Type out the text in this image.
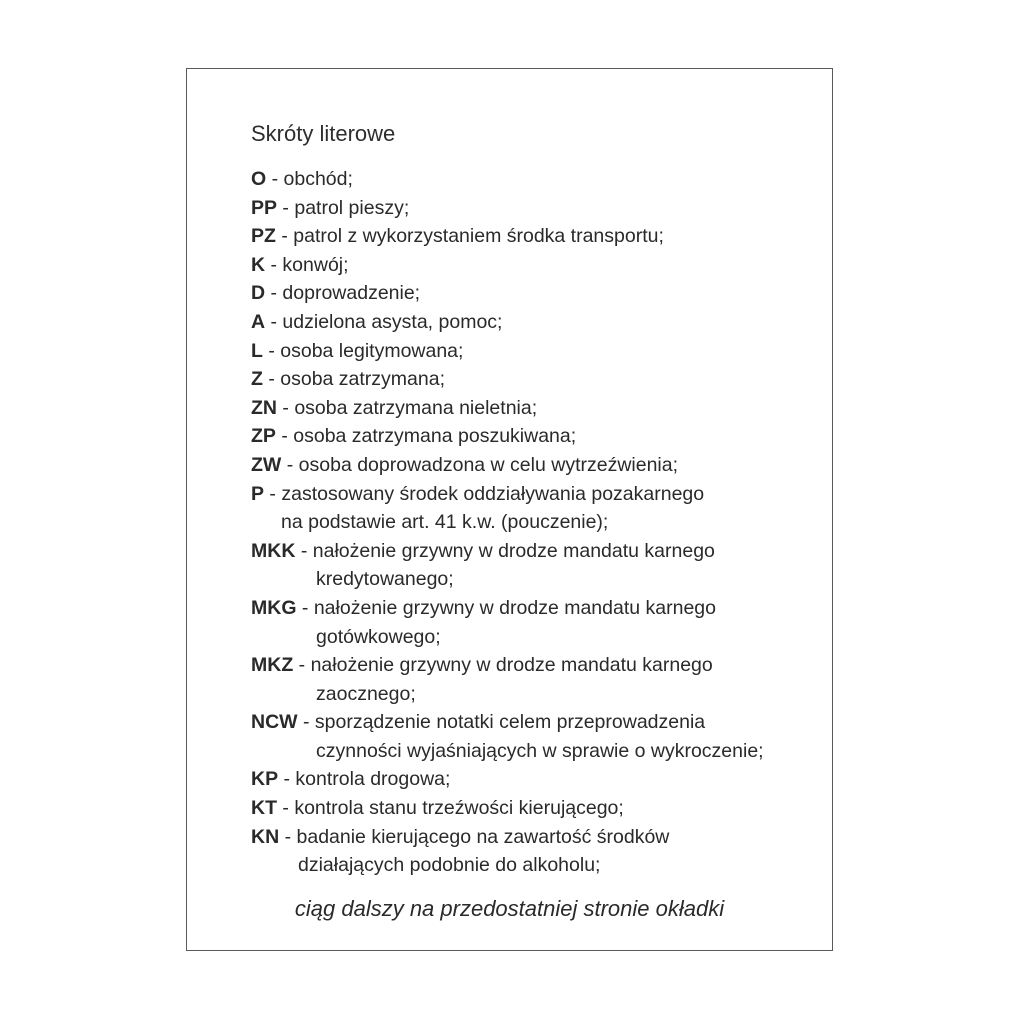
Skróty literowe
O - obchód;
PP - patrol pieszy;
PZ - patrol z wykorzystaniem środka transportu;
K - konwój;
D - doprowadzenie;
A - udzielona asysta, pomoc;
L - osoba legitymowana;
Z - osoba zatrzymana;
ZN - osoba zatrzymana nieletnia;
ZP - osoba zatrzymana poszukiwana;
ZW - osoba doprowadzona w celu wytrzeźwienia;
P - zastosowany środek oddziaływania pozakarnego
na podstawie art. 41 k.w. (pouczenie);
MKK - nałożenie grzywny w drodze mandatu karnego
kredytowanego;
MKG - nałożenie grzywny w drodze mandatu karnego
gotówkowego;
MKZ - nałożenie grzywny w drodze mandatu karnego
zaocznego;
NCW - sporządzenie notatki celem przeprowadzenia
czynności wyjaśniających w sprawie o wykroczenie;
KP - kontrola drogowa;
KT - kontrola stanu trzeźwości kierującego;
KN - badanie kierującego na zawartość środków
działających podobnie do alkoholu;
ciąg dalszy na przedostatniej stronie okładki
